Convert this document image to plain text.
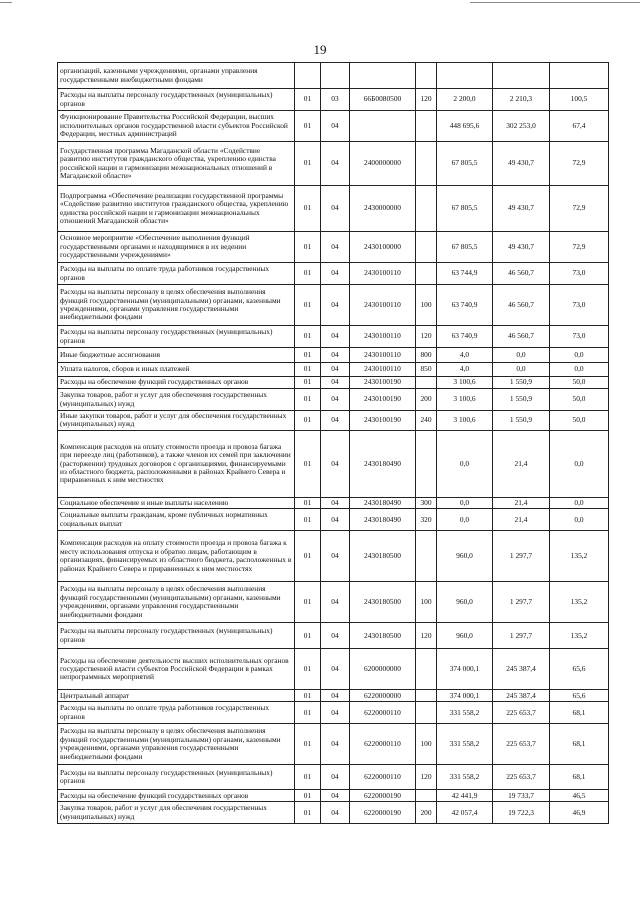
19
организаций, казенными учреждениями, органами управления государственными внебюджетными фондами							
Расходы на выплаты персоналу государственных (муниципальных) органов	01	03	66Б0080500	120	2 200,0	2 210,3	100,5
Функционирование Правительства Российской Федерации, высших исполнительных органов государственной власти субъектов Российской Федерации, местных администраций	01	04			448 695,6	302 253,0	67,4
Государственная программа Магаданской области «Содействие развитию институтов гражданского общества, укреплению единства российской нации и гармонизации межнациональных отношений в Магаданской области»	01	04	2400000000		67 805,5	49 430,7	72,9
Подпрограмма «Обеспечение реализации государственной программы «Содействие развитию институтов гражданского общества, укреплению единства российской нации и гармонизации межнациональных отношений Магаданской области»	01	04	2430000000		67 805,5	49 430,7	72,9
Основное мероприятие «Обеспечение выполнения функций государственными органами и находящимися в их ведении государственными учреждениями»	01	04	2430100000		67 805,5	49 430,7	72,9
Расходы на выплаты по оплате труда работников государственных органов	01	04	2430100110		63 744,9	46 560,7	73,0
Расходы на выплаты персоналу в целях обеспечения выполнения функций государственными (муниципальными) органами, казенными учреждениями, органами управления государственными внебюджетными фондами	01	04	2430100110	100	63 740,9	46 560,7	73,0
Расходы на выплаты персоналу государственных (муниципальных) органов	01	04	2430100110	120	63 740,9	46 560,7	73,0
Иные бюджетные ассигнования	01	04	2430100110	800	4,0	0,0	0,0
Уплата налогов, сборов и иных платежей	01	04	2430100110	850	4,0	0,0	0,0
Расходы на обеспечение функций государственных органов	01	04	2430100190		3 100,6	1 550,9	50,0
Закупка товаров, работ и услуг для обеспечения государственных (муниципальных) нужд	01	04	2430100190	200	3 100,6	1 550,9	50,0
Иные закупки товаров, работ и услуг для обеспечения государственных (муниципальных) нужд	01	04	2430100190	240	3 100,6	1 550,9	50,0
Компенсация расходов на оплату стоимости проезда и провоза багажа при переезде лиц (работников), а также членов их семей при заключении (расторжении) трудовых договоров с организациями, финансируемыми из областного бюджета, расположенными в районах Крайнего Севера и приравненных к ним местностях	01	04	2430180490		0,0	21,4	0,0
Социальное обеспечение и иные выплаты населению	01	04	2430180490	300	0,0	21,4	0,0
Социальные выплаты гражданам, кроме публичных нормативных социальных выплат	01	04	2430180490	320	0,0	21,4	0,0
Компенсация расходов на оплату стоимости проезда и провоза багажа к месту использования отпуска и обратно лицам, работающим в организациях, финансируемых из областного бюджета, расположенных в районах Крайнего Севера и приравненных к ним местностях	01	04	2430180500		960,0	1 297,7	135,2
Расходы на выплаты персоналу в целях обеспечения выполнения функций государственными (муниципальными) органами, казенными учреждениями, органами управления государственными внебюджетными фондами	01	04	2430180500	100	960,0	1 297,7	135,2
Расходы на выплаты персоналу государственных (муниципальных) органов	01	04	2430180500	120	960,0	1 297,7	135,2
Расходы на обеспечение деятельности высших исполнительных органов государственной власти субъектов Российской Федерации в рамках непрограммных мероприятий	01	04	6200000000		374 000,1	245 387,4	65,6
Центральный аппарат	01	04	6220000000		374 000,1	245 387,4	65,6
Расходы на выплаты по оплате труда работников государственных органов	01	04	6220000110		331 558,2	225 653,7	68,1
Расходы на выплаты персоналу в целях обеспечения выполнения функций государственными (муниципальными) органами, казенными учреждениями, органами управления государственными внебюджетными фондами	01	04	6220000110	100	331 558,2	225 653,7	68,1
Расходы на выплаты персоналу государственных (муниципальных) органов	01	04	6220000110	120	331 558,2	225 653,7	68,1
Расходы на обеспечение функций государственных органов	01	04	6220000190		42 441,9	19 733,7	46,5
Закупка товаров, работ и услуг для обеспечения государственных (муниципальных) нужд	01	04	6220000190	200	42 057,4	19 722,3	46,9
